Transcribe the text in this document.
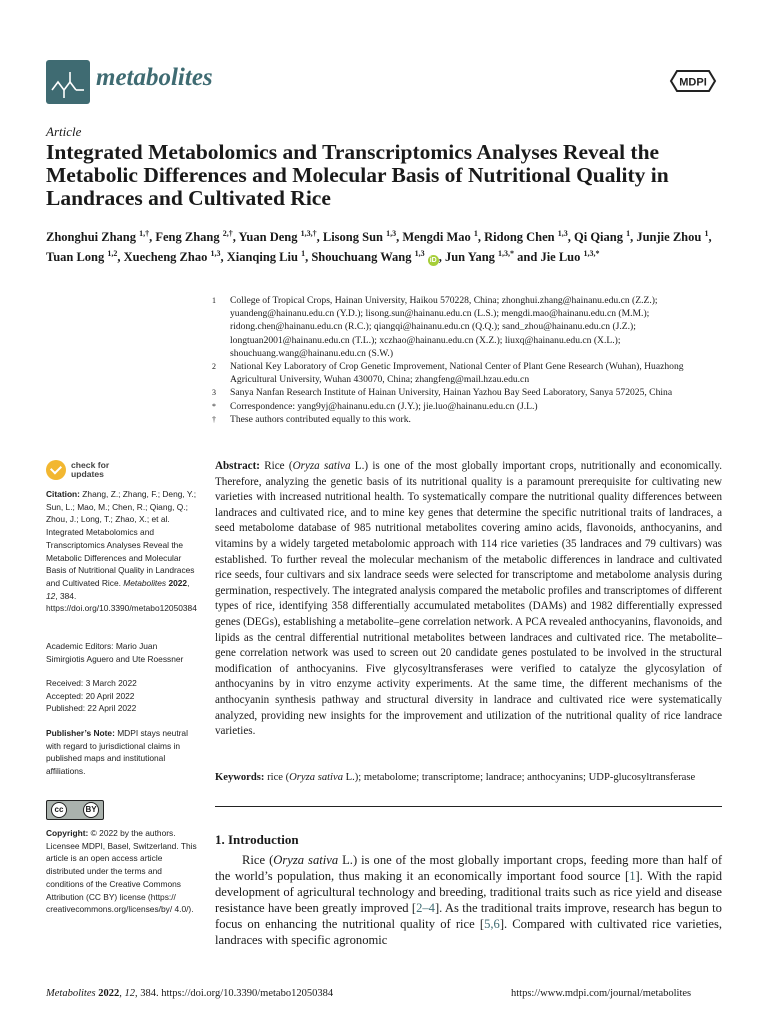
metabolites	MDPI
Article
Integrated Metabolomics and Transcriptomics Analyses Reveal the Metabolic Differences and Molecular Basis of Nutritional Quality in Landraces and Cultivated Rice
Zhonghui Zhang $^{1,\dagger}$, Feng Zhang $^{2,\dagger}$, Yuan Deng $^{1,3,\dagger}$, Lisong Sun $^{1,3}$, Mengdi Mao $^1$, Ridong Chen $^{1,3}$, Qi Qiang $^1$, Junjie Zhou $^1$, Tuan Long $^{1,2}$, Xuecheng Zhao $^{1,3}$, Xianqing Liu $^1$, Shouchuang Wang $^{1,3}$ iD , Jun Yang $^{1,3,*}$ and Jie Luo $^{1,3,*}$
1	College of Tropical Crops, Hainan University, Haikou 570228, China; zhonghui.zhang@hainanu.edu.cn (Z.Z.); yuandeng@hainanu.edu.cn (Y.D.); lisong.sun@hainanu.edu.cn (L.S.); mengdi.mao@hainanu.edu.cn (M.M.); ridong.chen@hainanu.edu.cn (R.C.); qiangqi@hainanu.edu.cn (Q.Q.); sand_zhou@hainanu.edu.cn (J.Z.); longtuan2001@hainanu.edu.cn (T.L.); xczhao@hainanu.edu.cn (X.Z.); liuxq@hainanu.edu.cn (X.L.); shouchuang.wang@hainanu.edu.cn (S.W.)
2	National Key Laboratory of Crop Genetic Improvement, National Center of Plant Gene Research (Wuhan), Huazhong Agricultural University, Wuhan 430070, China; zhangfeng@mail.hzau.edu.cn
3	Sanya Nanfan Research Institute of Hainan University, Hainan Yazhou Bay Seed Laboratory, Sanya 572025, China
*	Correspondence: yang9yj@hainanu.edu.cn (J.Y.); jie.luo@hainanu.edu.cn (J.L.)
†	These authors contributed equally to this work.
check for
updates
Citation: Zhang, Z.; Zhang, F.; Deng, Y.; Sun, L.; Mao, M.; Chen, R.; Qiang, Q.; Zhou, J.; Long, T.; Zhao, X.; et al. Integrated Metabolomics and Transcriptomics Analyses Reveal the Metabolic Differences and Molecular Basis of Nutritional Quality in Landraces and Cultivated Rice. Metabolites 2022, 12, 384. https://doi.org/10.3390/metabo12050384
Academic Editors: Mario Juan Simirgiotis Aguero and Ute Roessner
Received: 3 March 2022
Accepted: 20 April 2022
Published: 22 April 2022
Publisher’s Note: MDPI stays neutral with regard to jurisdictional claims in published maps and institutional affiliations.
cc	BY
Copyright: © 2022 by the authors. Licensee MDPI, Basel, Switzerland. This article is an open access article distributed under the terms and conditions of the Creative Commons Attribution (CC BY) license (https:// creativecommons.org/licenses/by/ 4.0/).
Abstract: Rice (Oryza sativa L.) is one of the most globally important crops, nutritionally and economically. Therefore, analyzing the genetic basis of its nutritional quality is a paramount prerequisite for cultivating new varieties with increased nutritional health. To systematically compare the nutritional quality differences between landraces and cultivated rice, and to mine key genes that determine the specific nutritional traits of landraces, a seed metabolome database of 985 nutritional metabolites covering amino acids, flavonoids, anthocyanins, and vitamins by a widely targeted metabolomic approach with 114 rice varieties (35 landraces and 79 cultivars) was established. To further reveal the molecular mechanism of the metabolic differences in landrace and cultivated rice seeds, four cultivars and six landrace seeds were selected for transcriptome and metabolome analysis during germination, respectively. The integrated analysis compared the metabolic profiles and transcriptomes of different types of rice, identifying 358 differentially accumulated metabolites (DAMs) and 1982 differentially expressed genes (DEGs), establishing a metabolite–gene correlation network. A PCA revealed anthocyanins, flavonoids, and lipids as the central differential nutritional metabolites between landraces and cultivated rice. The metabolite–gene correlation network was used to screen out 20 candidate genes postulated to be involved in the structural modification of anthocyanins. Five glycosyltransferases were verified to catalyze the glycosylation of anthocyanins by in vitro enzyme activity experiments. At the same time, the different mechanisms of the anthocyanin synthesis pathway and structural diversity in landrace and cultivated rice were systematically analyzed, providing new insights for the improvement and utilization of the nutritional quality of rice landrace varieties.
Keywords: rice (Oryza sativa L.); metabolome; transcriptome; landrace; anthocyanins; UDP-glucosyltransferase
1. Introduction

Rice (Oryza sativa L.) is one of the most globally important crops, feeding more than half of the world’s population, thus making it an economically important food source [1]. With the rapid development of agricultural technology and breeding, traditional traits such as rice yield and disease resistance have been greatly improved [2–4]. As the traditional traits improve, research has begun to focus on enhancing the nutritional quality of rice [5,6]. Compared with cultivated rice varieties, landraces with specific agronomic

Metabolites 2022, 12, 384. https://doi.org/10.3390/metabo12050384	https://www.mdpi.com/journal/metabolites
